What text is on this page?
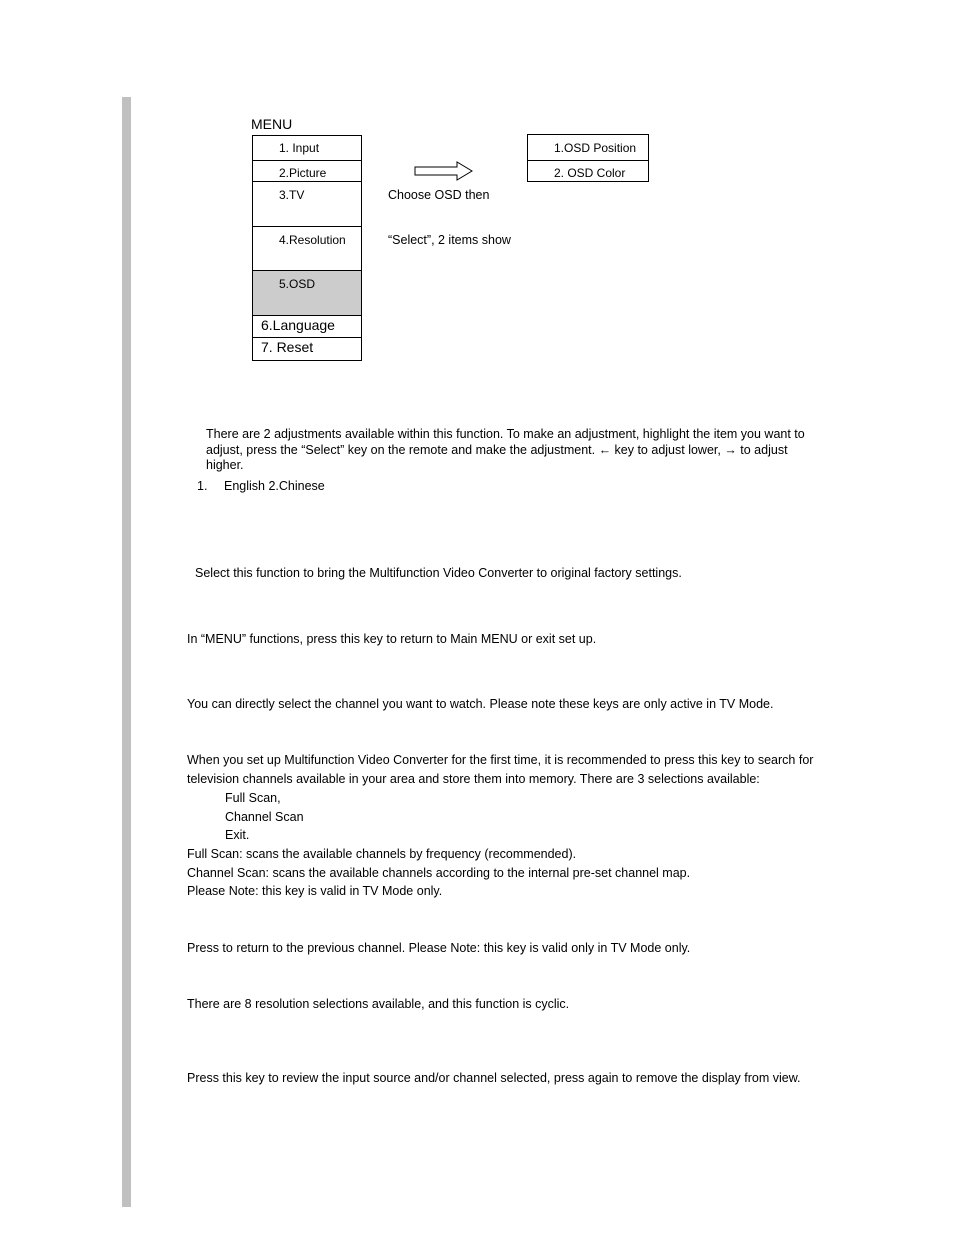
MENU
1. Input
2.Picture
3.TV
4.Resolution
5.OSD
6.Language
7. Reset
Choose OSD then
“Select”, 2 items show
1.OSD Position
2. OSD Color
There are 2 adjustments available within this function. To make an adjustment, highlight the item you want to
adjust, press the “Select” key on the remote and make the adjustment. ← key to adjust lower, → to adjust
higher.
1. English 2.Chinese
Select this function to bring the Multifunction Video Converter to original factory settings.
In “MENU” functions, press this key to return to Main MENU or exit set up.
You can directly select the channel you want to watch. Please note these keys are only active in TV Mode.
When you set up Multifunction Video Converter for the first time, it is recommended to press this key to search for
television channels available in your area and store them into memory. There are 3 selections available:
Full Scan,
Channel Scan
Exit.
Full Scan: scans the available channels by frequency (recommended).
Channel Scan: scans the available channels according to the internal pre-set channel map.
Please Note: this key is valid in TV Mode only.
Press to return to the previous channel. Please Note: this key is valid only in TV Mode only.
There are 8 resolution selections available, and this function is cyclic.
Press this key to review the input source and/or channel selected, press again to remove the display from view.
